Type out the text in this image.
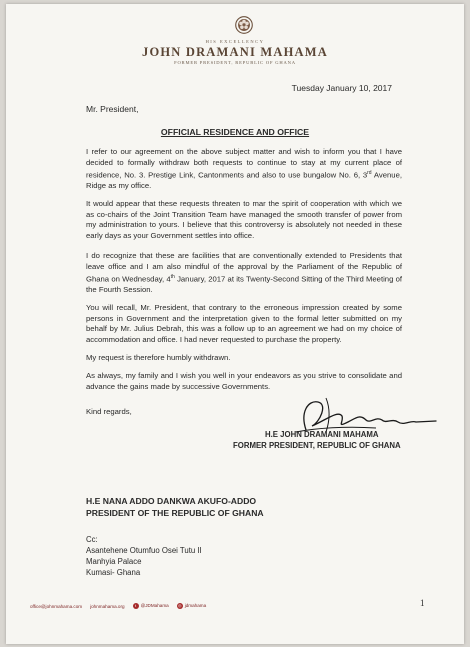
HIS EXCELLENCY
JOHN DRAMANI MAHAMA
FORMER PRESIDENT, REPUBLIC OF GHANA
Tuesday January 10, 2017
Mr. President,
OFFICIAL RESIDENCE AND OFFICE

I refer to our agreement on the above subject matter and wish to inform you that I have decided to formally withdraw both requests to continue to stay at my current place of residence, No. 3. Prestige Link, Cantonments and also to use bungalow No. 6, 3rd Avenue, Ridge as my office.

It would appear that these requests threaten to mar the spirit of cooperation with which we as co-chairs of the Joint Transition Team have managed the smooth transfer of power from my administration to yours. I believe that this controversy is absolutely not needed in these early days as your Government settles into office.

I do recognize that these are facilities that are conventionally extended to Presidents that leave office and I am also mindful of the approval by the Parliament of the Republic of Ghana on Wednesday, 4th January, 2017 at its Twenty-Second Sitting of the Third Meeting of the Fourth Session.

You will recall, Mr. President, that contrary to the erroneous impression created by some persons in Government and the interpretation given to the formal letter submitted on my behalf by Mr. Julius Debrah, this was a follow up to an agreement we had on my choice of accommodation and office. I had never requested to purchase the property.

My request is therefore humbly withdrawn.

As always, my family and I wish you well in your endeavors as you strive to consolidate and advance the gains made by successive Governments.

Kind regards,
H.E JOHN DRAMANI MAHAMA
FORMER PRESIDENT, REPUBLIC OF GHANA
H.E NANA ADDO DANKWA AKUFO-ADDO
PRESIDENT OF THE REPUBLIC OF GHANA
Cc:
Asantehene Otumfuo Osei Tutu II
Manhyia Palace
Kumasi- Ghana
office@johnmahama.com johnmahama.org	t @JDMahama	◎ jdmahama	1
